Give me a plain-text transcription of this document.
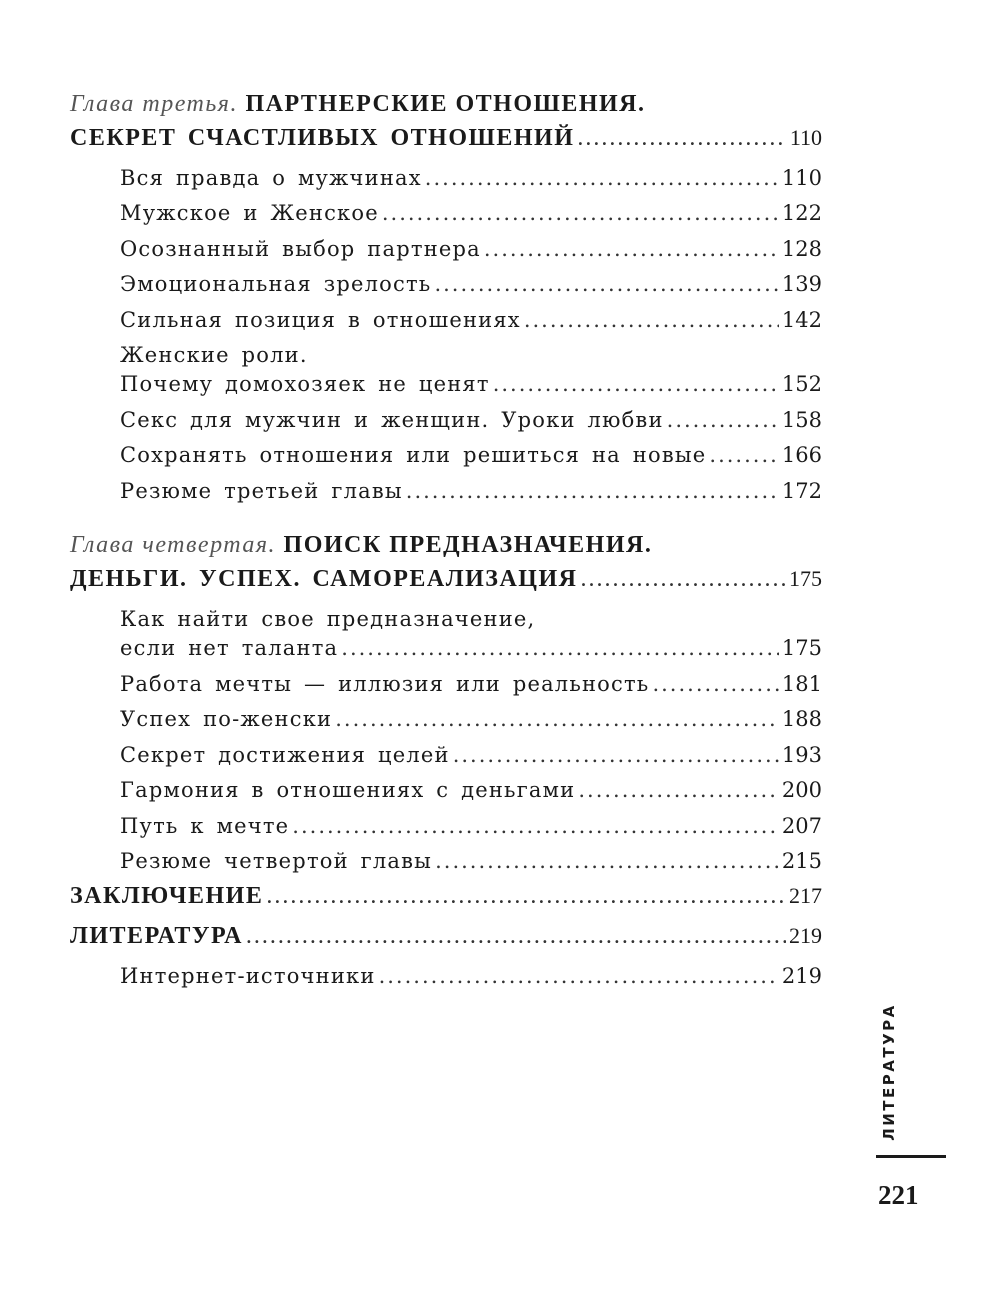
Глава третья. ПАРТНЕРСКИЕ ОТНОШЕНИЯ.
СЕКРЕТ СЧАСТЛИВЫХ ОТНОШЕНИЙ .....	110
Вся правда о мужчинах .....	110
Мужское и Женское .....	122
Осознанный выбор партнера .....	128
Эмоциональная зрелость .....	139
Сильная позиция в отношениях .....	142
Женские роли.
Почему домохозяек не ценят .....	152
Секс для мужчин и женщин. Уроки любви .....	158
Сохранять отношения или решиться на новые .....	166
Резюме третьей главы .....	172
Глава четвертая. ПОИСК ПРЕДНАЗНАЧЕНИЯ.
ДЕНЬГИ. УСПЕХ. САМОРЕАЛИЗАЦИЯ .....	175
Как найти свое предназначение,
если нет таланта .....	175
Работа мечты — иллюзия или реальность .....	181
Успех по-женски .....	188
Секрет достижения целей .....	193
Гармония в отношениях с деньгами .....	200
Путь к мечте .....	207
Резюме четвертой главы .....	215
ЗАКЛЮЧЕНИЕ .....	217
ЛИТЕРАТУРА .....	219
Интернет-источники .....	219
ЛИТЕРАТУРА
221
